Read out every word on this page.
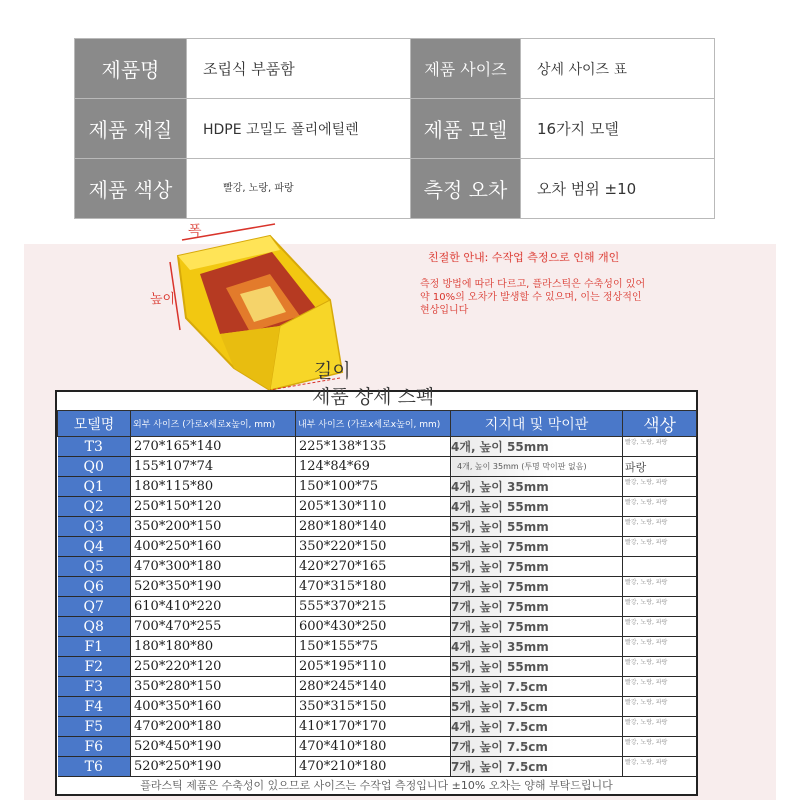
제품명	조립식 부품함	제품 사이즈	상세 사이즈 표
제품 재질	HDPE 고밀도 폴리에틸렌	제품 모델	16가지 모델
제품 색상	빨강, 노랑, 파랑	측정 오차	오차 범위 ±10
폭
높이
길이
친절한 안내: 수작업 측정으로 인해 개인
측정 방법에 따라 다르고, 플라스틱은 수축성이 있어
약 10%의 오차가 발생할 수 있으며, 이는 정상적인 현상입니다
제품 상세 스펙
모델명	외부 사이즈 (가로x세로x높이, mm)	내부 사이즈 (가로x세로x높이, mm)	지지대 및 막이판	색상
T3	270*165*140	225*138*135	4개, 높이 55mm	빨강, 노랑, 파랑
Q0	155*107*74	124*84*69	4개, 높이 35mm (투명 막이판 없음)	파랑
Q1	180*115*80	150*100*75	4개, 높이 35mm	빨강, 노랑, 파랑
Q2	250*150*120	205*130*110	4개, 높이 55mm	빨강, 노랑, 파랑
Q3	350*200*150	280*180*140	5개, 높이 55mm	빨강, 노랑, 파랑
Q4	400*250*160	350*220*150	5개, 높이 75mm	빨강, 노랑, 파랑
Q5	470*300*180	420*270*165	5개, 높이 75mm	
Q6	520*350*190	470*315*180	7개, 높이 75mm	빨강, 노랑, 파랑
Q7	610*410*220	555*370*215	7개, 높이 75mm	빨강, 노랑, 파랑
Q8	700*470*255	600*430*250	7개, 높이 75mm	빨강, 노랑, 파랑
F1	180*180*80	150*155*75	4개, 높이 35mm	빨강, 노랑, 파랑
F2	250*220*120	205*195*110	5개, 높이 55mm	빨강, 노랑, 파랑
F3	350*280*150	280*245*140	5개, 높이 7.5cm	빨강, 노랑, 파랑
F4	400*350*160	350*315*150	5개, 높이 7.5cm	빨강, 노랑, 파랑
F5	470*200*180	410*170*170	4개, 높이 7.5cm	빨강, 노랑, 파랑
F6	520*450*190	470*410*180	7개, 높이 7.5cm	빨강, 노랑, 파랑
T6	520*250*190	470*210*180	7개, 높이 7.5cm	빨강, 노랑, 파랑
플라스틱 제품은 수축성이 있으므로 사이즈는 수작업 측정입니다 ±10% 오차는 양해 부탁드립니다
